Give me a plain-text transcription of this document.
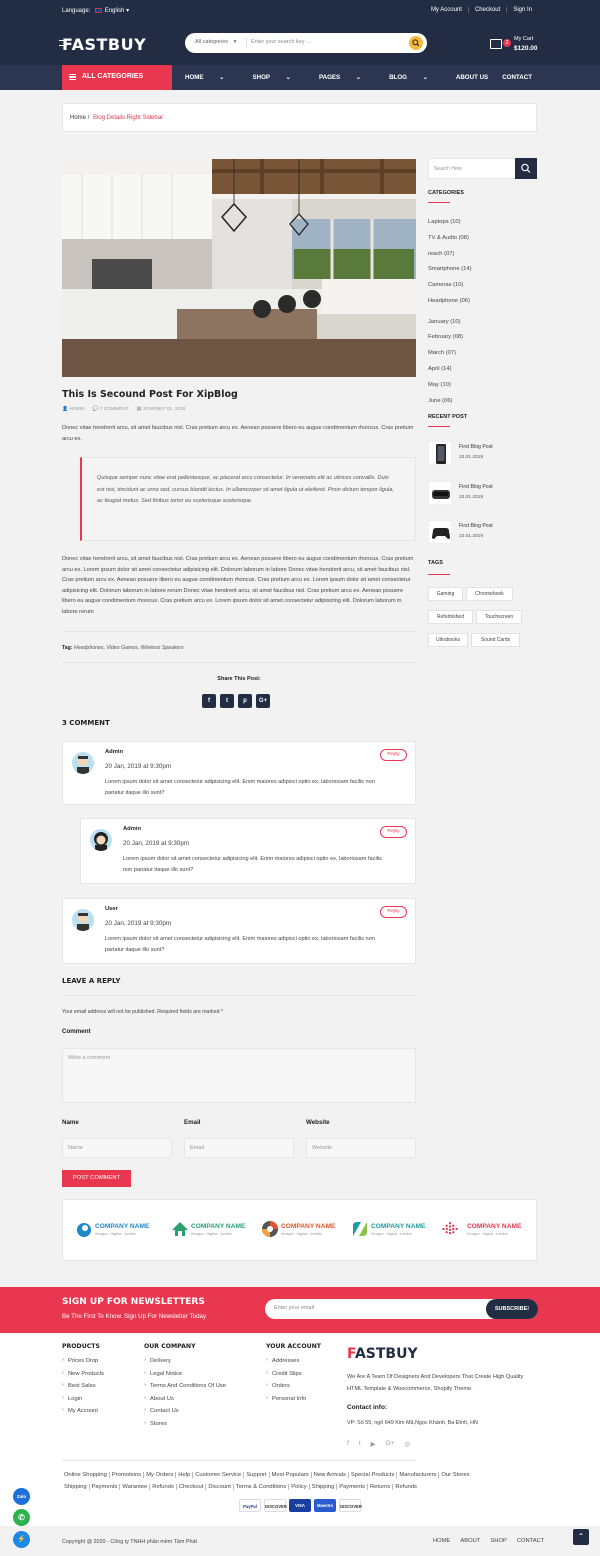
Language: English ▾	My Account	Checkout	Sign In
FASTBUY	All categories ▾	Enter your search key ...	2
My Cart
$120.00
ALL CATEGORIES	HOME	⌄	SHOP	⌄	PAGES	⌄	BLOG	⌄	ABOUT US CONTACT
Home / Blog Details Right Sidebar
This Is Secound Post For XipBlog
👤 ADMIN 💬 7 COMMENT ▦ JOURNEY 01, 2019

Donec vitae hendrerit arcu, sit amet faucibus nisl. Cras pretium arcu ex. Aenean posuere libero eu augue condimentum rhoncus. Cras pretium arcu ex.

Quisque semper nunc vitae erat pellentesque, ac placerat arcu consectetur. In venenatis elit ac ultrices convallis. Duis est nisi, tincidunt ac urna sed, cursus blandit lectus. In ullamcorper sit amet ligula ut eleifend. Proin dictum tempor ligula, ac feugiat metus. Sed finibus tortor eu scelerisque scelerisque.

Donec vitae hendrerit arcu, sit amet faucibus nisl. Cras pretium arcu ex. Aenean posuere libero eu augue condimentum rhoncus. Cras pretium arcu ex. Lorem ipsum dolor sit amet consectetur adipisicing elit. Dolorum laborum in labore Donec vitae hendrerit arcu, sit amet faucibus nisl. Cras pretium arcu ex. Aenean posuere libero eu augue condimentum rhoncus. Cras pretium arcu ex. Lorem ipsum dolor sit amet consectetur adipisicing elit. Dolorum laborum in labore rerum Donec vitae hendrerit arcu, sit amet faucibus nisl. Cras pretium arcu ex. Aenean posuere libero eu augue condimentum rhoncus. Cras pretium arcu ex. Lorem ipsum dolor sit amet consectetur adipisicing elit. Dolorum laborum in labore rerum

Tag: Headphones, Video Games, Wireless Speakers
Share This Post:
f	t	p	G+
3 COMMENT
Admin
20 Jan, 2019 at 9:30pm
Lorem ipsum dolor sit amet consectetur adipisicing elit. Enim maiores adipisci optio ex, laboriosam facilis non pariatur itaque illo sunt?
Reply
Admin
20 Jan, 2019 at 9:30pm
Lorem ipsum dolor sit amet consectetur adipisicing elit. Enim maiores adipisci optio ex, laboriosam facilis non pariatur itaque illo sunt?
Reply
User
20 Jan, 2019 at 9:30pm
Lorem ipsum dolor sit amet consectetur adipisicing elit. Enim maiores adipisci optio ex, laboriosam facilis non pariatur itaque illo sunt?
Reply
LEAVE A REPLY
Your email address will not be published. Required fields are marked *
Comment
Write a comment
Name	Email	Website
Name	Email	Website
POST COMMENT
Search Here
CATEGORIES
Laptops (10)
TV & Audio (08)
reach (07)
Smartphone (14)
Cameras (10)
Headphone (06)
January (10)
February (08)
March (07)
April (14)
May (10)
June (06)
RECENT POST
First Blog Post
10.01.2019
First Blog Post
10.01.2019
First Blog Post
10.01.2019
TAGS
Gaming	Chromebook
Refurbished	Touchscreen
Ultrabooks	Sound Cards
COMPANY NAME
Hexagon · Hagline · Invisible
COMPANY NAME
Hexagon · Hagline · Invisible
COMPANY NAME
Hexagon · Hagline · Invisible
COMPANY NAME
Hexagon · Hagline · Invisible
COMPANY NAME
Hexagon · Hagline · Invisible
SIGN UP FOR NEWSLETTERS
Be The First To Know. Sign Up For Newsletter Today
Enter your email	SUBSCRIBE!
PRODUCTS
› Prices Drop
› New Products
› Best Sales
› Login
› My Account
OUR COMPANY
› Delivery
› Legal Notice
› Terms And Conditions Of Use
› About Us
› Contact Us
› Stores
YOUR ACCOUNT
› Addresses
› Credit Slips
› Orders
› Personal Info
FASTBUY
We Are A Team Of Designers And Developers That Create High Quality HTML Template & Woocommerce, Shopify Theme.
Contact info:
VP: Số 55, ngõ 649 Kim Mã,Ngọc Khánh, Ba Đình, HN
f t ▶ G+ ◎
Online Shopping Promotions My Orders Help Customer Service Support Most Populars New Arrivals Special Products Manufacturers Our Stores
Shipping Payments Warantee Refunds Checkout Discount Terms & Conditions Policy Shipping Payments Returns Refunds
PayPal	DISCOVER	VISA	Maestro	DISCOVER
Copyright @ 2020 - Công ty TNHH phần mềm Tâm Phát	HOME ABOUT SHOP CONTACT	⌃
Zalo
✆
⚡
